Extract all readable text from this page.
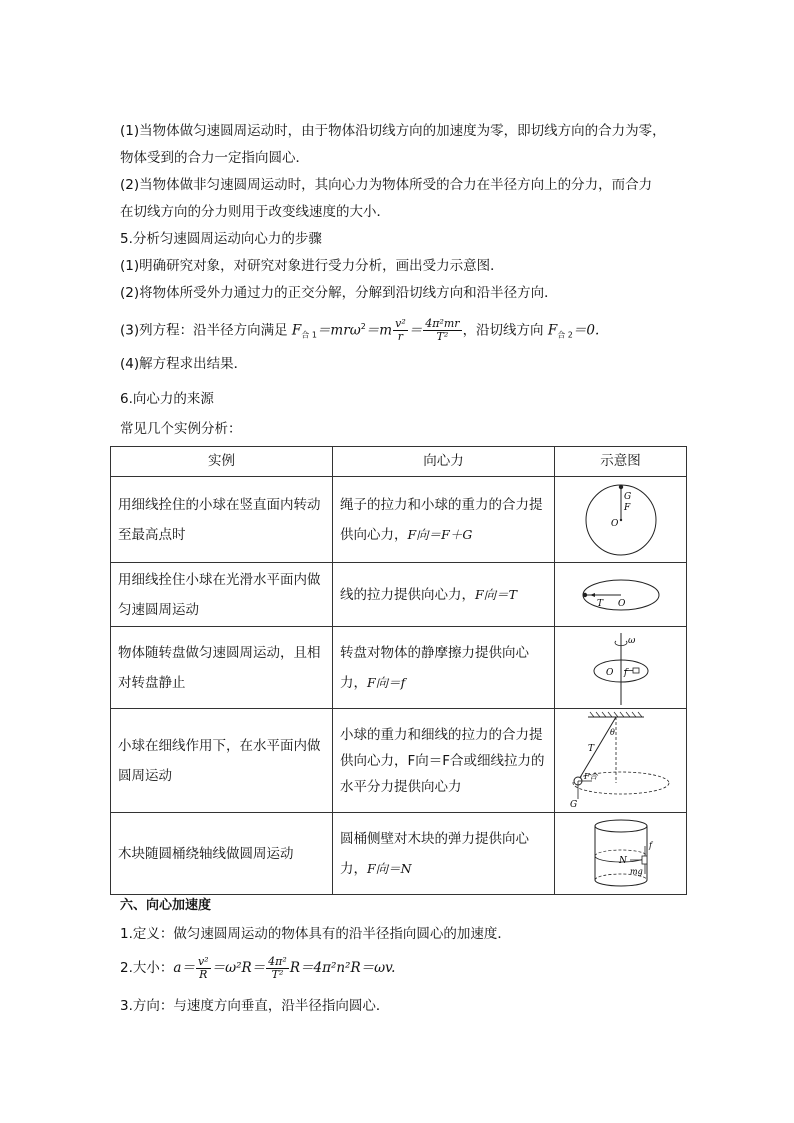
(1)当物体做匀速圆周运动时，由于物体沿切线方向的加速度为零，即切线方向的合力为零，
物体受到的合力一定指向圆心．
(2)当物体做非匀速圆周运动时，其向心力为物体所受的合力在半径方向上的分力，而合力
在切线方向的分力则用于改变线速度的大小．
5.分析匀速圆周运动向心力的步骤
(1)明确研究对象，对研究对象进行受力分析，画出受力示意图．
(2)将物体所受外力通过力的正交分解，分解到沿切线方向和沿半径方向．
(3)列方程：沿半径方向满足 $F_{合 1}=mr\omega^2=m \frac{\text{v²}}{r} = \frac{\text{4π²mr}}{\text{T²}}$ ，沿切线方向 $F_{合 2}=0$.
(4)解方程求出结果．
6.向心力的来源
常见几个实例分析：
实例	向心力	示意图
用细线拴住的小球在竖直面内转动至最高点时	绳子的拉力和小球的重力的合力提供向心力，F向＝F＋G	G
F
O

用细线拴住小球在光滑水平面内做匀速圆周运动	线的拉力提供向心力，F向＝T	T O

物体随转盘做匀速圆周运动，且相对转盘静止	转盘对物体的静摩擦力提供向心力，F向＝f	ω
O f

小球在细线作用下，在水平面内做圆周运动	小球的重力和细线的拉力的合力提供向心力，F向＝F合或细线拉力的水平分力提供向心力	θ
T
F合
G

木块随圆桶绕轴线做圆周运动	圆桶侧壁对木块的弹力提供向心力，F向＝N	f
N
mg
六、向心加速度
1.定义：做匀速圆周运动的物体具有的沿半径指向圆心的加速度．
2.大小：$a= \frac{\text{v²}}{R} =\omega^2R= \frac{\text{4π²}}{\text{T²}} R=4\pi^2n^2R=\omega v$.
3.方向：与速度方向垂直，沿半径指向圆心．
